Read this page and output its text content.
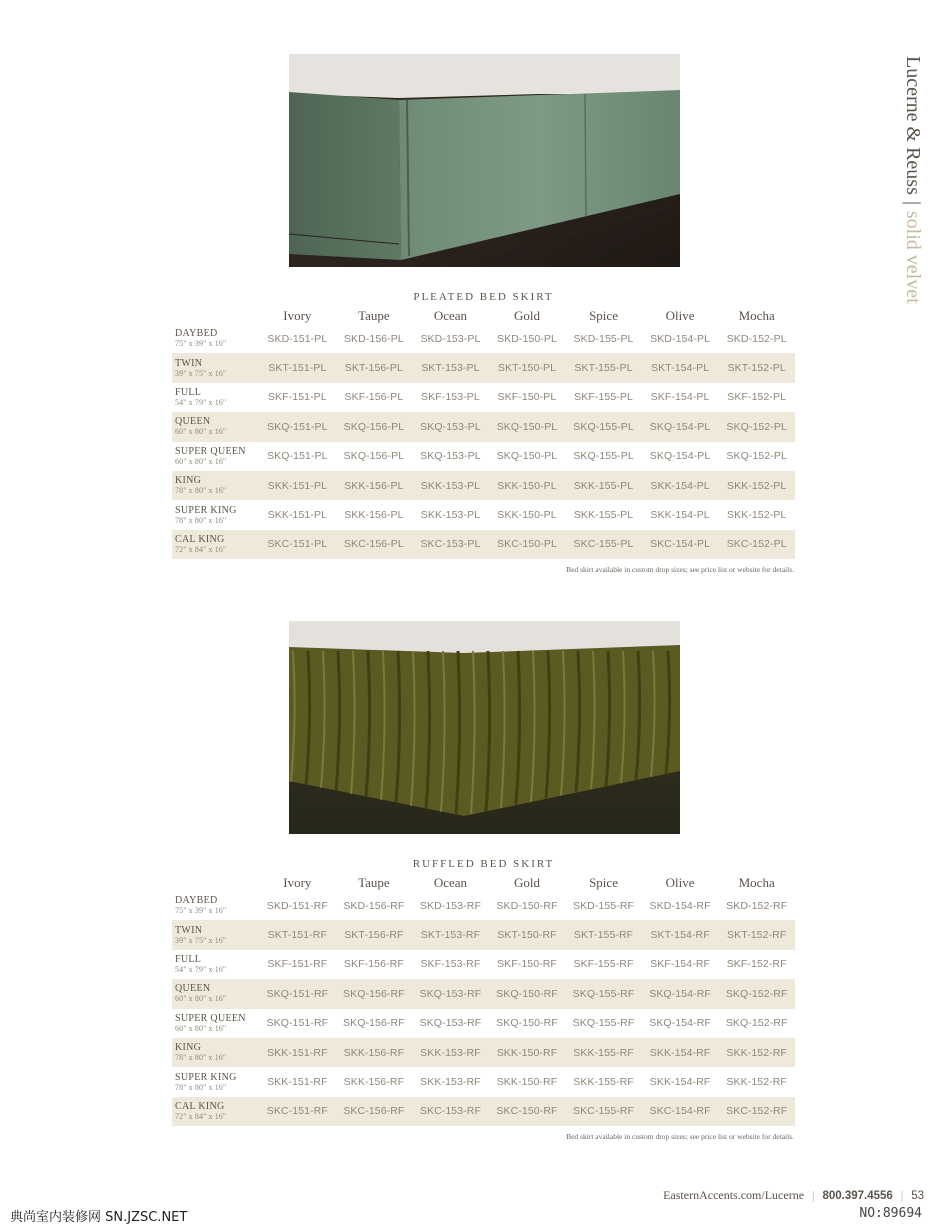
PLEATED BED SKIRT
	Ivory	Taupe	Ocean	Gold	Spice	Olive	Mocha

DAYBED
75" x 39" x 16"	SKD-151-PL	SKD-156-PL	SKD-153-PL	SKD-150-PL	SKD-155-PL	SKD-154-PL	SKD-152-PL

TWIN
39" x 75" x 16"	SKT-151-PL	SKT-156-PL	SKT-153-PL	SKT-150-PL	SKT-155-PL	SKT-154-PL	SKT-152-PL

FULL
54" x 79" x 16"	SKF-151-PL	SKF-156-PL	SKF-153-PL	SKF-150-PL	SKF-155-PL	SKF-154-PL	SKF-152-PL

QUEEN
60" x 80" x 16"	SKQ-151-PL	SKQ-156-PL	SKQ-153-PL	SKQ-150-PL	SKQ-155-PL	SKQ-154-PL	SKQ-152-PL

SUPER QUEEN
60" x 80" x 16"	SKQ-151-PL	SKQ-156-PL	SKQ-153-PL	SKQ-150-PL	SKQ-155-PL	SKQ-154-PL	SKQ-152-PL

KING
78" x 80" x 16"	SKK-151-PL	SKK-156-PL	SKK-153-PL	SKK-150-PL	SKK-155-PL	SKK-154-PL	SKK-152-PL

SUPER KING
78" x 80" x 16"	SKK-151-PL	SKK-156-PL	SKK-153-PL	SKK-150-PL	SKK-155-PL	SKK-154-PL	SKK-152-PL

CAL KING
72" x 84" x 16"	SKC-151-PL	SKC-156-PL	SKC-153-PL	SKC-150-PL	SKC-155-PL	SKC-154-PL	SKC-152-PL
Bed skirt available in custom drop sizes; see price list or website for details.
RUFFLED BED SKIRT
	Ivory	Taupe	Ocean	Gold	Spice	Olive	Mocha

DAYBED
75" x 39" x 16"	SKD-151-RF	SKD-156-RF	SKD-153-RF	SKD-150-RF	SKD-155-RF	SKD-154-RF	SKD-152-RF

TWIN
39" x 75" x 16"	SKT-151-RF	SKT-156-RF	SKT-153-RF	SKT-150-RF	SKT-155-RF	SKT-154-RF	SKT-152-RF

FULL
54" x 79" x 16"	SKF-151-RF	SKF-156-RF	SKF-153-RF	SKF-150-RF	SKF-155-RF	SKF-154-RF	SKF-152-RF

QUEEN
60" x 80" x 16"	SKQ-151-RF	SKQ-156-RF	SKQ-153-RF	SKQ-150-RF	SKQ-155-RF	SKQ-154-RF	SKQ-152-RF

SUPER QUEEN
60" x 80" x 16"	SKQ-151-RF	SKQ-156-RF	SKQ-153-RF	SKQ-150-RF	SKQ-155-RF	SKQ-154-RF	SKQ-152-RF

KING
78" x 80" x 16"	SKK-151-RF	SKK-156-RF	SKK-153-RF	SKK-150-RF	SKK-155-RF	SKK-154-RF	SKK-152-RF

SUPER KING
78" x 80" x 16"	SKK-151-RF	SKK-156-RF	SKK-153-RF	SKK-150-RF	SKK-155-RF	SKK-154-RF	SKK-152-RF

CAL KING
72" x 84" x 16"	SKC-151-RF	SKC-156-RF	SKC-153-RF	SKC-150-RF	SKC-155-RF	SKC-154-RF	SKC-152-RF
Bed skirt available in custom drop sizes; see price list or website for details.
Lucerne & Reuss|solid velvet
EasternAccents.com/Lucerne | 800.397.4556 | 53
典尚室内装修网 SN.JZSC.NET	NO:89694
